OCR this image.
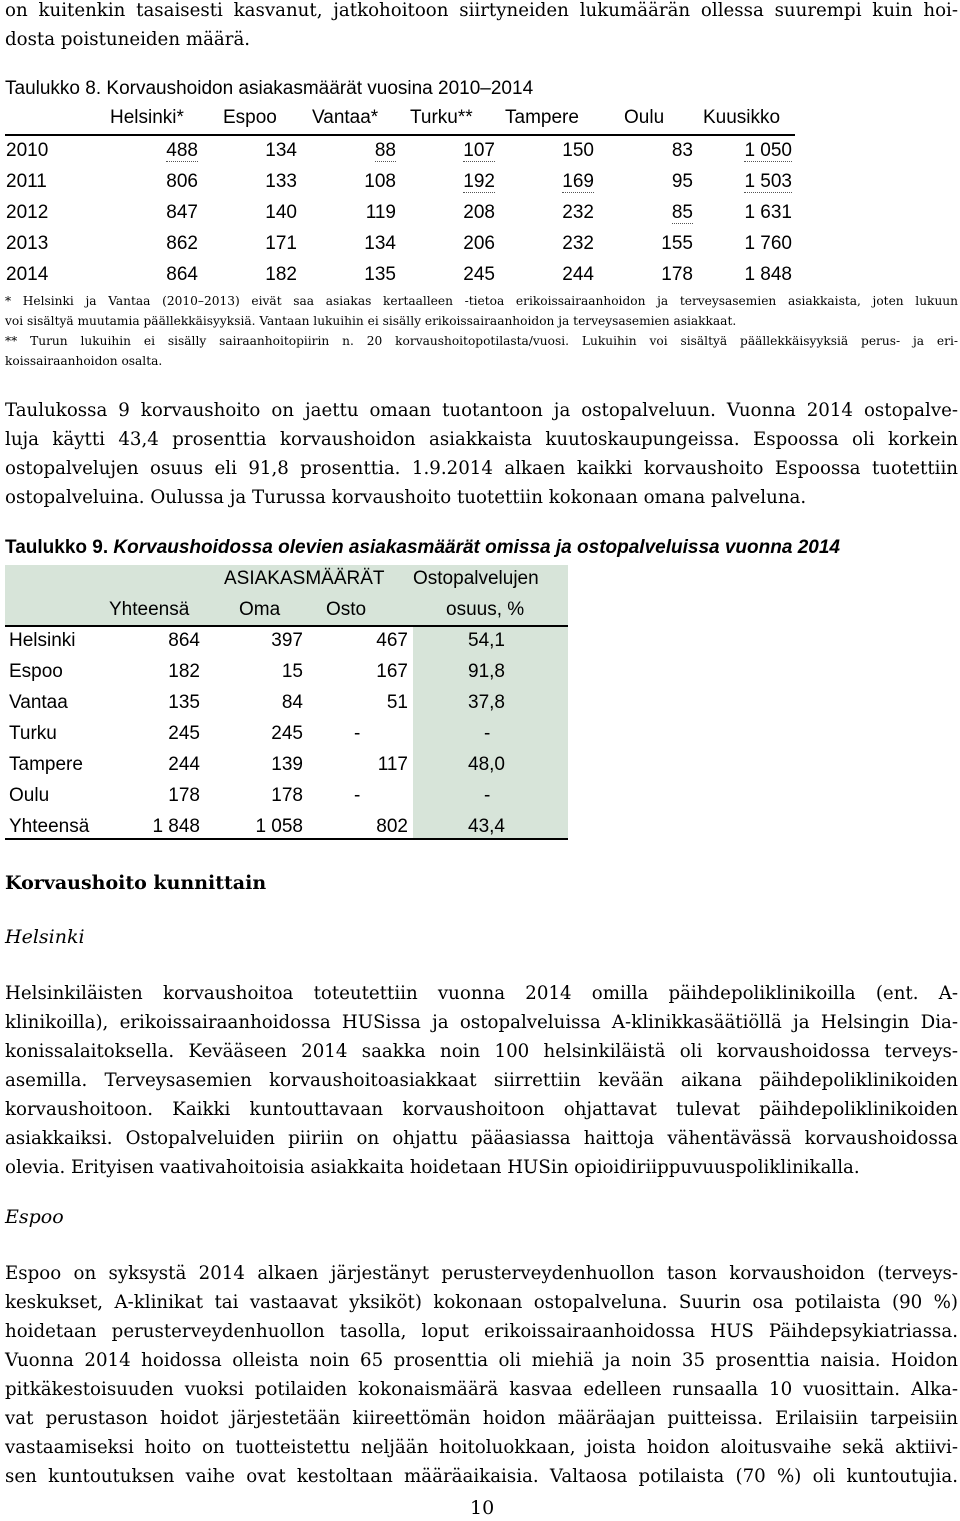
on kuitenkin tasaisesti kasvanut, jatkohoitoon siirtyneiden lukumäärän ollessa suurempi kuin hoi-
dosta poistuneiden määrä.
Taulukko 8. Korvaushoidon asiakasmäärät vuosina 2010–2014
Helsinki* Espoo Vantaa* Turku** Tampere Oulu Kuusikko
2010	488	134	88	107	150	83	1 050
2011	806	133	108	192	169	95	1 503
2012	847	140	119	208	232	85	1 631
2013	862	171	134	206	232	155	1 760
2014	864	182	135	245	244	178	1 848
* Helsinki ja Vantaa (2010–2013) eivät saa asiakas kertaalleen -tietoa erikoissairaanhoidon ja terveysasemien asiakkaista, joten lukuun
voi sisältyä muutamia päällekkäisyyksiä. Vantaan lukuihin ei sisälly erikoissairaanhoidon ja terveysasemien asiakkaat.
** Turun lukuihin ei sisälly sairaanhoitopiirin n. 20 korvaushoitopotilasta/vuosi. Lukuihin voi sisältyä päällekkäisyyksiä perus- ja eri-
koissairaanhoidon osalta.
Taulukossa 9 korvaushoito on jaettu omaan tuotantoon ja ostopalveluun. Vuonna 2014 ostopalve-
luja käytti 43,4 prosenttia korvaushoidon asiakkaista kuutoskaupungeissa. Espoossa oli korkein
ostopalvelujen osuus eli 91,8 prosenttia. 1.9.2014 alkaen kaikki korvaushoito Espoossa tuotettiin
ostopalveluina. Oulussa ja Turussa korvaushoito tuotettiin kokonaan omana palveluna.
Taulukko 9. Korvaushoidossa olevien asiakasmäärät omissa ja ostopalveluissa vuonna 2014
ASIAKASMÄÄRÄT Ostopalvelujen
Yhteensä	Oma Osto	osuus, %
Helsinki	864	397	467	54,1
Espoo	182	15	167	91,8
Vantaa	135	84	51	37,8
Turku	245	245	-	-
Tampere	244	139	117	48,0
Oulu	178	178	-	-
Yhteensä	1 848	1 058	802	43,4
Korvaushoito kunnittain
Helsinki
Helsinkiläisten korvaushoitoa toteutettiin vuonna 2014 omilla päihdepoliklinikoilla (ent. A-
klinikoilla), erikoissairaanhoidossa HUSissa ja ostopalveluissa A-klinikkasäätiöllä ja Helsingin Dia-
konissalaitoksella. Kevääseen 2014 saakka noin 100 helsinkiläistä oli korvaushoidossa terveys-
asemilla. Terveysasemien korvaushoitoasiakkaat siirrettiin kevään aikana päihdepoliklinikoiden
korvaushoitoon. Kaikki kuntouttavaan korvaushoitoon ohjattavat tulevat päihdepoliklinikoiden
asiakkaiksi. Ostopalveluiden piiriin on ohjattu pääasiassa haittoja vähentävässä korvaushoidossa
olevia. Erityisen vaativahoitoisia asiakkaita hoidetaan HUSin opioidiriippuvuuspoliklinikalla.
Espoo
Espoo on syksystä 2014 alkaen järjestänyt perusterveydenhuollon tason korvaushoidon (terveys-
keskukset, A-klinikat tai vastaavat yksiköt) kokonaan ostopalveluna. Suurin osa potilaista (90 %)
hoidetaan perusterveydenhuollon tasolla, loput erikoissairaanhoidossa HUS Päihdepsykiatriassa.
Vuonna 2014 hoidossa olleista noin 65 prosenttia oli miehiä ja noin 35 prosenttia naisia. Hoidon
pitkäkestoisuuden vuoksi potilaiden kokonaismäärä kasvaa edelleen runsaalla 10 vuosittain. Alka-
vat perustason hoidot järjestetään kiireettömän hoidon määräajan puitteissa. Erilaisiin tarpeisiin
vastaamiseksi hoito on tuotteistettu neljään hoitoluokkaan, joista hoidon aloitusvaihe sekä aktiivi-
sen kuntoutuksen vaihe ovat kestoltaan määräaikaisia. Valtaosa potilaista (70 %) oli kuntoutujia.
10
